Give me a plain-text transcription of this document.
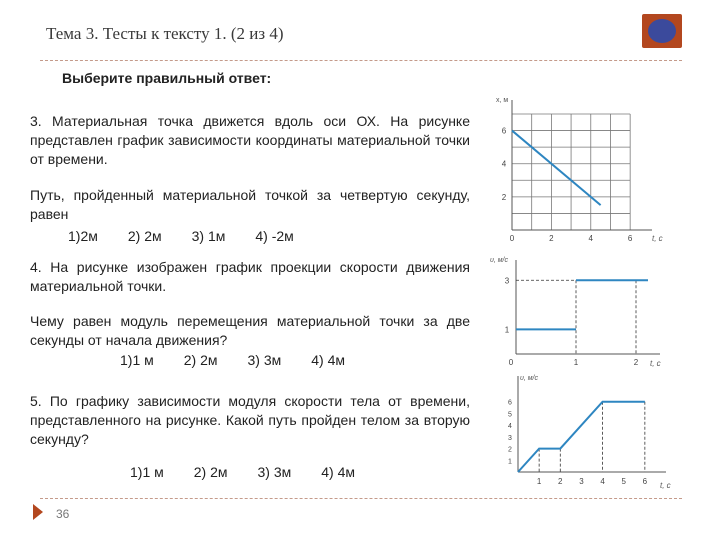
Тема 3. Тесты к тексту 1. (2 из 4)
Выберите правильный ответ:
3. Материальная точка движется вдоль оси ОХ. На рисунке представлен график зависимости координаты материальной точки от времени.
Путь, пройденный материальной точкой за четвертую секунду, равен
1)2м 2) 2м 3) 1м 4) -2м
4. На рисунке изображен график проекции скорости движения материальной точки.
Чему равен модуль перемещения материальной точки за две секунды от начала движения?
1)1 м 2) 2м 3) 3м 4) 4м
5. По графику зависимости модуля скорости тела от времени, представленного на рисунке. Какой путь пройден телом за вторую секунду?
1)1 м 2) 2м 3) 3м 4) 4м
36
0	2	4	6
2
4
6
x, м
t, с
0	1	2
1
3
υ, м/с
t, с
1 2 3 4 5 6
1
2
3
4
5
6
υ, м/с
t, с
